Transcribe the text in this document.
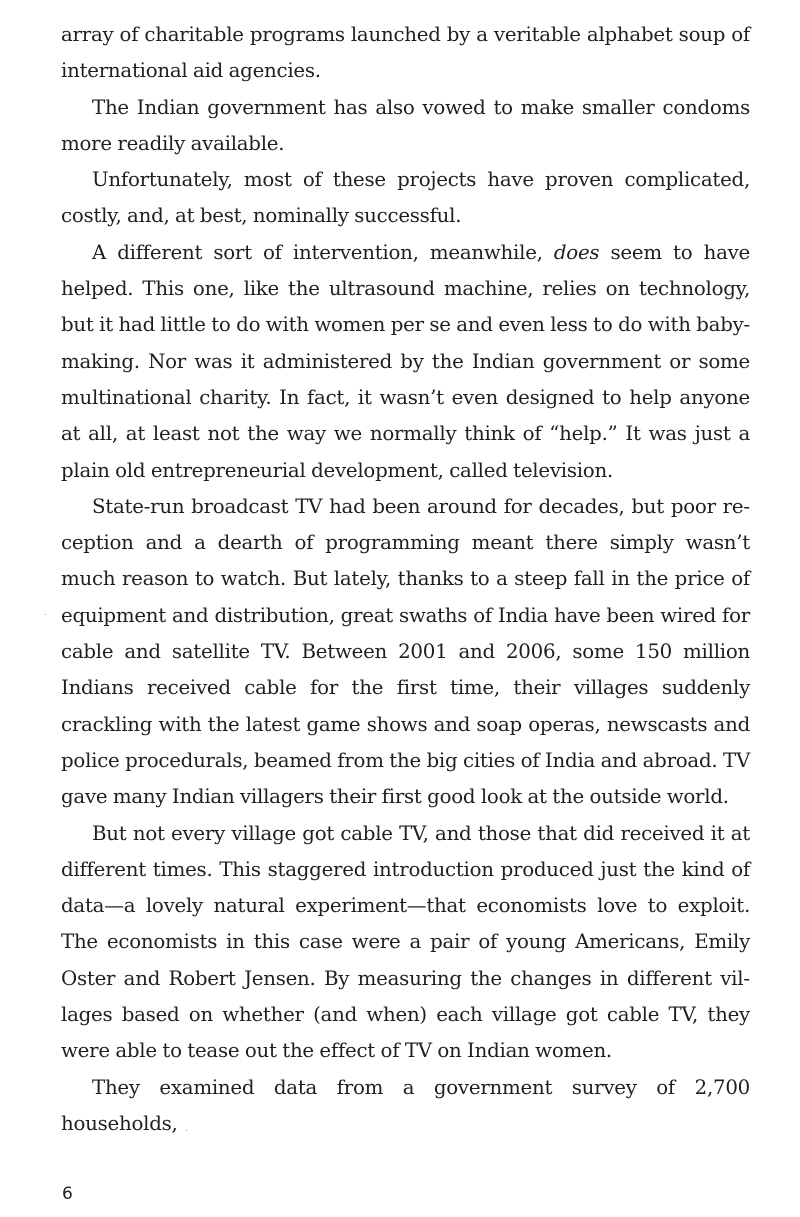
array of charitable programs launched by a veritable alphabet soup of international aid agencies.

The Indian government has also vowed to make smaller condoms more readily available.

Unfortunately, most of these projects have proven complicated, costly, and, at best, nominally successful.

A different sort of intervention, meanwhile, does seem to have helped. This one, like the ultrasound machine, relies on technology, but it had little to do with women per se and even less to do with baby-making. Nor was it administered by the Indian government or some multinational charity. In fact, it wasn’t even designed to help anyone at all, at least not the way we normally think of “help.” It was just a plain old entrepreneurial development, called television.

State-run broadcast TV had been around for decades, but poor reception and a dearth of programming meant there simply wasn’t much reason to watch. But lately, thanks to a steep fall in the price of equipment and distribution, great swaths of India have been wired for cable and satellite TV. Between 2001 and 2006, some 150 million Indians received cable for the first time, their villages suddenly crackling with the latest game shows and soap operas, newscasts and police procedurals, beamed from the big cities of India and abroad. TV gave many Indian villagers their first good look at the outside world.

But not every village got cable TV, and those that did received it at different times. This staggered introduction produced just the kind of data—a lovely natural experiment—that economists love to exploit. The economists in this case were a pair of young Americans, Emily Oster and Robert Jensen. By measuring the changes in different villages based on whether (and when) each village got cable TV, they were able to tease out the effect of TV on Indian women.

They examined data from a government survey of 2,700 households,

6
